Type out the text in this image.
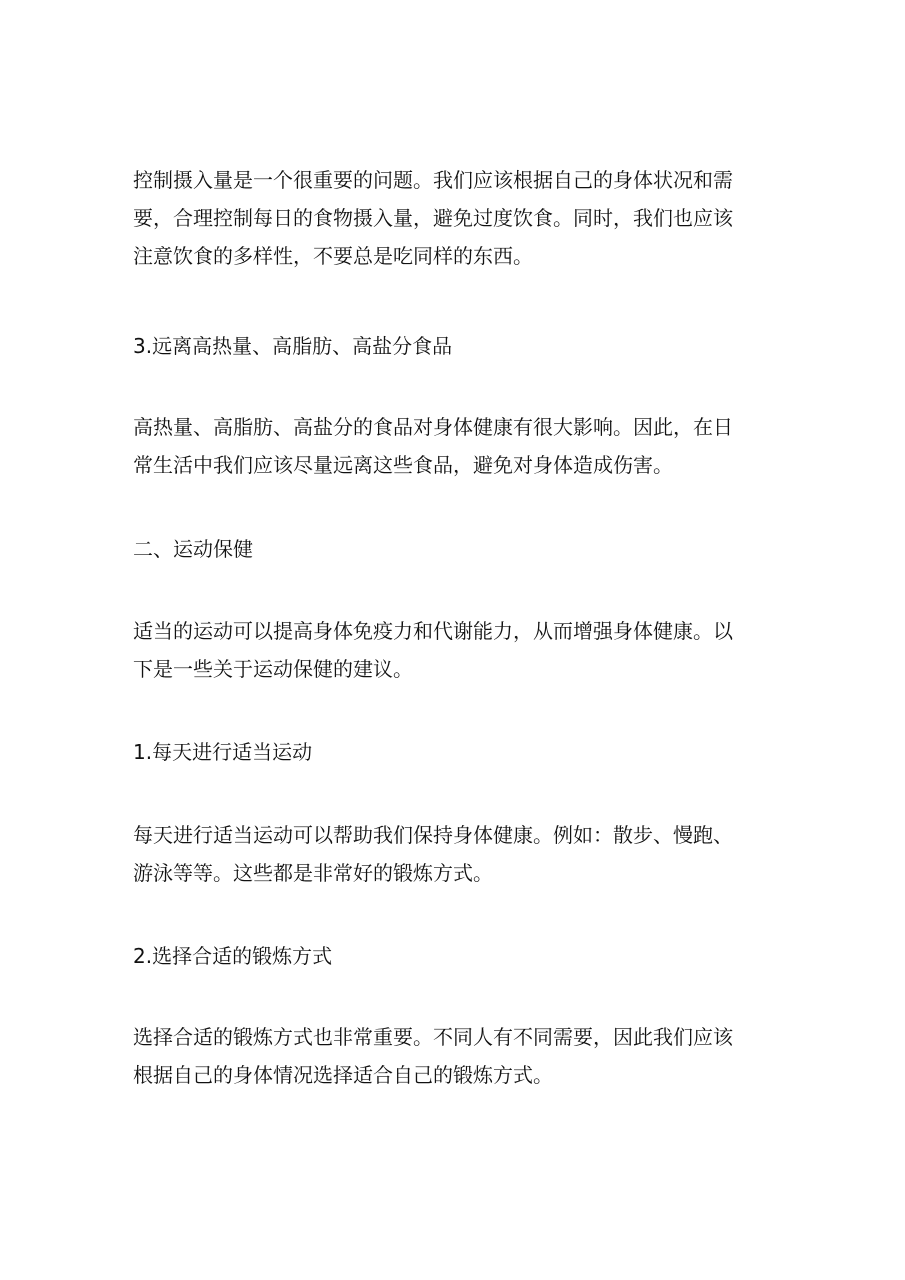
控制摄入量是一个很重要的问题。我们应该根据自己的身体状况和需
要，合理控制每日的食物摄入量，避免过度饮食。同时，我们也应该
注意饮食的多样性，不要总是吃同样的东西。
3.远离高热量、高脂肪、高盐分食品
高热量、高脂肪、高盐分的食品对身体健康有很大影响。因此，在日
常生活中我们应该尽量远离这些食品，避免对身体造成伤害。
二、运动保健
适当的运动可以提高身体免疫力和代谢能力，从而增强身体健康。以
下是一些关于运动保健的建议。
1.每天进行适当运动
每天进行适当运动可以帮助我们保持身体健康。例如：散步、慢跑、
游泳等等。这些都是非常好的锻炼方式。
2.选择合适的锻炼方式
选择合适的锻炼方式也非常重要。不同人有不同需要，因此我们应该
根据自己的身体情况选择适合自己的锻炼方式。
